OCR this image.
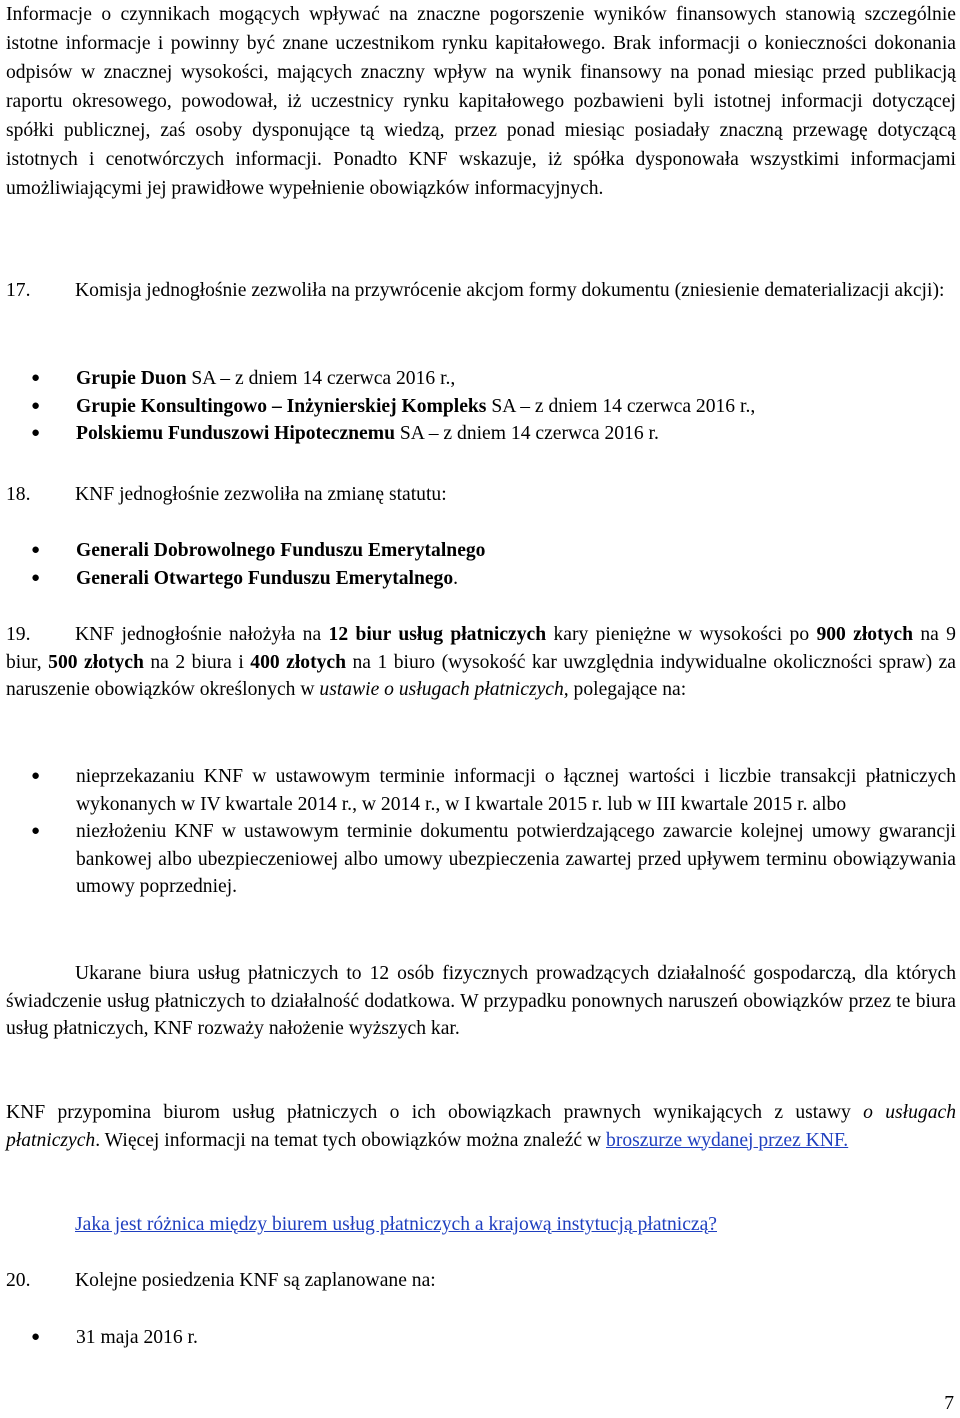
Informacje o czynnikach mogących wpływać na znaczne pogorszenie wyników finansowych stanowią szczególnie istotne informacje i powinny być znane uczestnikom rynku kapitałowego. Brak informacji o konieczności dokonania odpisów w znacznej wysokości, mających znaczny wpływ na wynik finansowy na ponad miesiąc przed publikacją raportu okresowego, powodował, iż uczestnicy rynku kapitałowego pozbawieni byli istotnej informacji dotyczącej spółki publicznej, zaś osoby dysponujące tą wiedzą, przez ponad miesiąc posiadały znaczną przewagę dotyczącą istotnych i cenotwórczych informacji. Ponadto KNF wskazuje, iż spółka dysponowała wszystkimi informacjami umożliwiającymi jej prawidłowe wypełnienie obowiązków informacyjnych.

17. Komisja jednogłośnie zezwoliła na przywrócenie akcjom formy dokumentu (zniesienie dematerializacji akcji):

● Grupie Duon SA – z dniem 14 czerwca 2016 r.,
● Grupie Konsultingowo – Inżynierskiej Kompleks SA – z dniem 14 czerwca 2016 r.,
● Polskiemu Funduszowi Hipotecznemu SA – z dniem 14 czerwca 2016 r.

18. KNF jednogłośnie zezwoliła na zmianę statutu:

● Generali Dobrowolnego Funduszu Emerytalnego
● Generali Otwartego Funduszu Emerytalnego.

19. KNF jednogłośnie nałożyła na 12 biur usług płatniczych kary pieniężne w wysokości po 900 złotych na 9 biur, 500 złotych na 2 biura i 400 złotych na 1 biuro (wysokość kar uwzględnia indywidualne okoliczności spraw) za naruszenie obowiązków określonych w ustawie o usługach płatniczych, polegające na:

● nieprzekazaniu KNF w ustawowym terminie informacji o łącznej wartości i liczbie transakcji płatniczych wykonanych w IV kwartale 2014 r., w 2014 r., w I kwartale 2015 r. lub w III kwartale 2015 r. albo
● niezłożeniu KNF w ustawowym terminie dokumentu potwierdzającego zawarcie kolejnej umowy gwarancji bankowej albo ubezpieczeniowej albo umowy ubezpieczenia zawartej przed upływem terminu obowiązywania umowy poprzedniej.

Ukarane biura usług płatniczych to 12 osób fizycznych prowadzących działalność gospodarczą, dla których świadczenie usług płatniczych to działalność dodatkowa. W przypadku ponownych naruszeń obowiązków przez te biura usług płatniczych, KNF rozważy nałożenie wyższych kar.

KNF przypomina biurom usług płatniczych o ich obowiązkach prawnych wynikających z ustawy o usługach płatniczych. Więcej informacji na temat tych obowiązków można znaleźć w broszurze wydanej przez KNF.

Jaka jest różnica między biurem usług płatniczych a krajową instytucją płatniczą?

20. Kolejne posiedzenia KNF są zaplanowane na:

● 31 maja 2016 r.
7
